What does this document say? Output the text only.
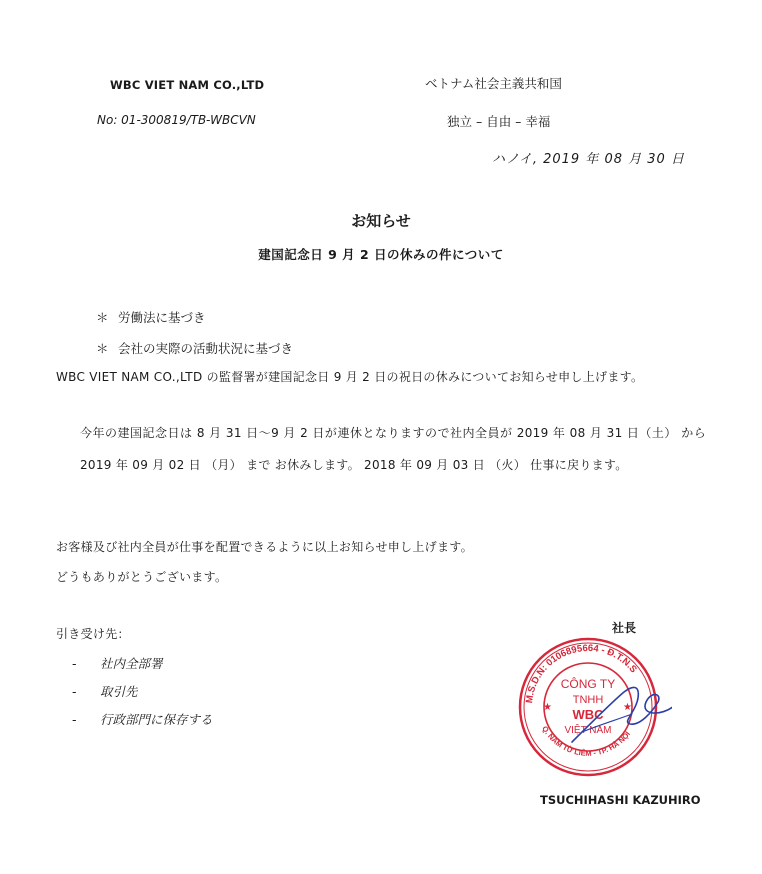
WBC VIET NAM CO.,LTD
No: 01-300819/TB-WBCVN
ベトナム社会主義共和国
独立 – 自由 – 幸福
ハノイ, 2019 年 08 月 30 日
お知らせ
建国記念日 9 月 2 日の休みの件について
＊ 労働法に基づき
＊ 会社の実際の活動状況に基づき
WBC VIET NAM CO.,LTD の監督署が建国記念日 9 月 2 日の祝日の休みについてお知らせ申し上げます。
今年の建国記念日は 8 月 31 日〜9 月 2 日が連休となりますので社内全員が 2019 年 08 月 31 日（土） から 2019 年 09 月 02 日 （月） まで お休みします。 2018 年 09 月 03 日 （火） 仕事に戻ります。
お客様及び社内全員が仕事を配置できるように以上お知らせ申し上げます。
どうもありがとうございます。
引き受け先：
- 社内全部署
- 取引先
- 行政部門に保存する
社長
M.S.D.N: 0106895664 - Đ.T.N.S
Q. NAM TỪ LIÊM - TP. HÀ NỘI
★	★
CÔNG TY
TNHH
WBC
VIỆT NAM
TSUCHIHASHI KAZUHIRO
